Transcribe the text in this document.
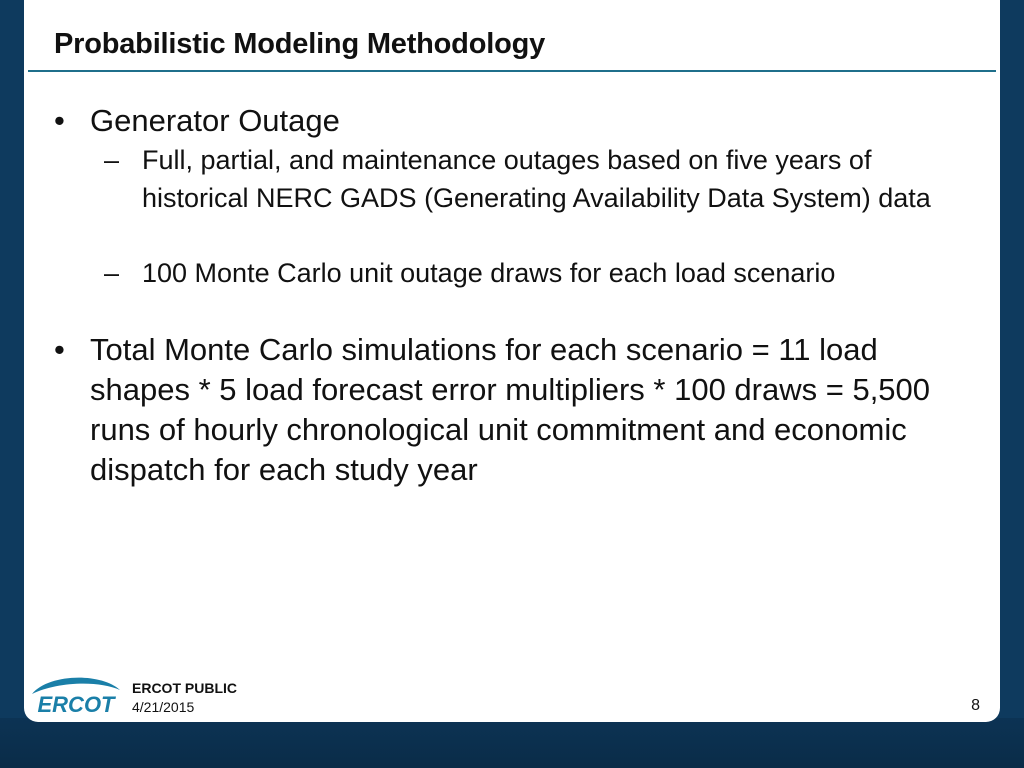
Probabilistic Modeling Methodology
• Generator Outage
– Full, partial, and maintenance outages based on five years of historical NERC GADS (Generating Availability Data System) data
– 100 Monte Carlo unit outage draws for each load scenario
• Total Monte Carlo simulations for each scenario = 11 load shapes * 5 load forecast error multipliers * 100 draws = 5,500 runs of hourly chronological unit commitment and economic dispatch for each study year
ERCOT
ERCOT PUBLIC
4/21/2015	8
